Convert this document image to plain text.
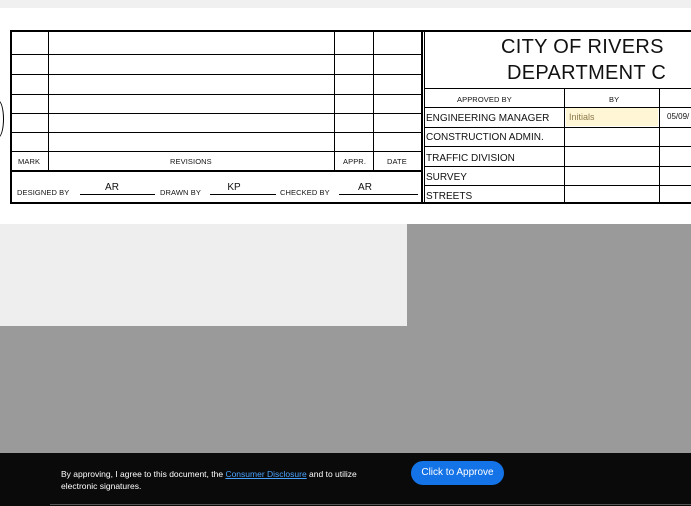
MARK	REVISIONS	APPR.	DATE
DESIGNED BY	AR	DRAWN BY	KP	CHECKED BY	AR
CITY OF RIVERS
DEPARTMENT C
APPROVED BY	BY
ENGINEERING MANAGER	Initials	05/09/
CONSTRUCTION ADMIN.
TRAFFIC DIVISION
SURVEY
STREETS
By approving, I agree to this document, the Consumer Disclosure and to utilize electronic signatures.
Click to Approve
